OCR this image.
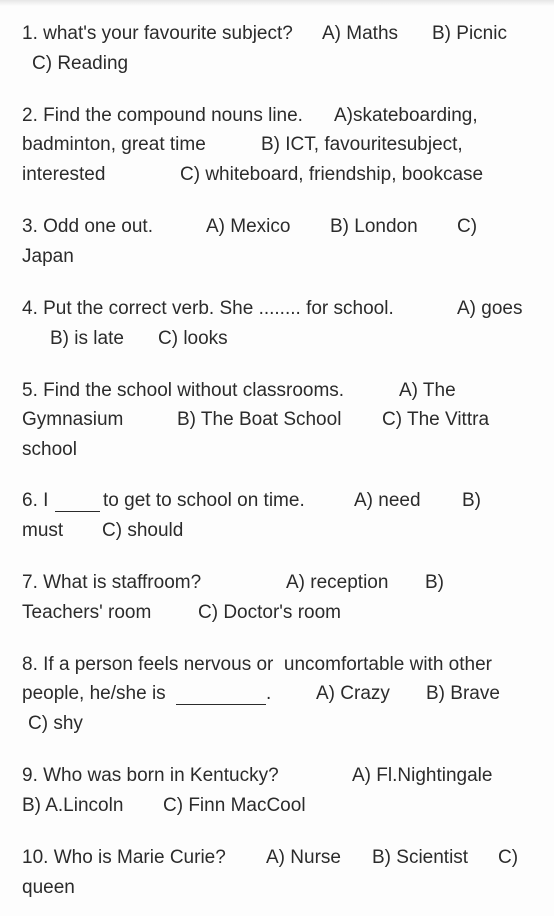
1. what's your favourite subject? A) Maths B) Picnic
C) Reading
2. Find the compound nouns line. A)skateboarding,
badminton, great time	B) ICT, favouritesubject,
interested	C) whiteboard, friendship, bookcase
3. Odd one out.	A) Mexico B) London C)
Japan
4. Put the correct verb. She ........ for school.	A) goes
B) is late C) looks
5. Find the school without classrooms.	A) The
Gymnasium	B) The Boat School C) The Vittra
school
6. I	to get to school on time.	A) need B)
must C) should
7. What is staffroom?	A) reception B)
Teachers' room C) Doctor's room
8. If a person feels nervous or  uncomfortable with other
people, he/she is	. A) Crazy B) Brave
C) shy
9. Who was born in Kentucky?	A) Fl.Nightingale
B) A.Lincoln C) Finn MacCool
10. Who is Marie Curie? A) Nurse B) Scientist C)
queen
